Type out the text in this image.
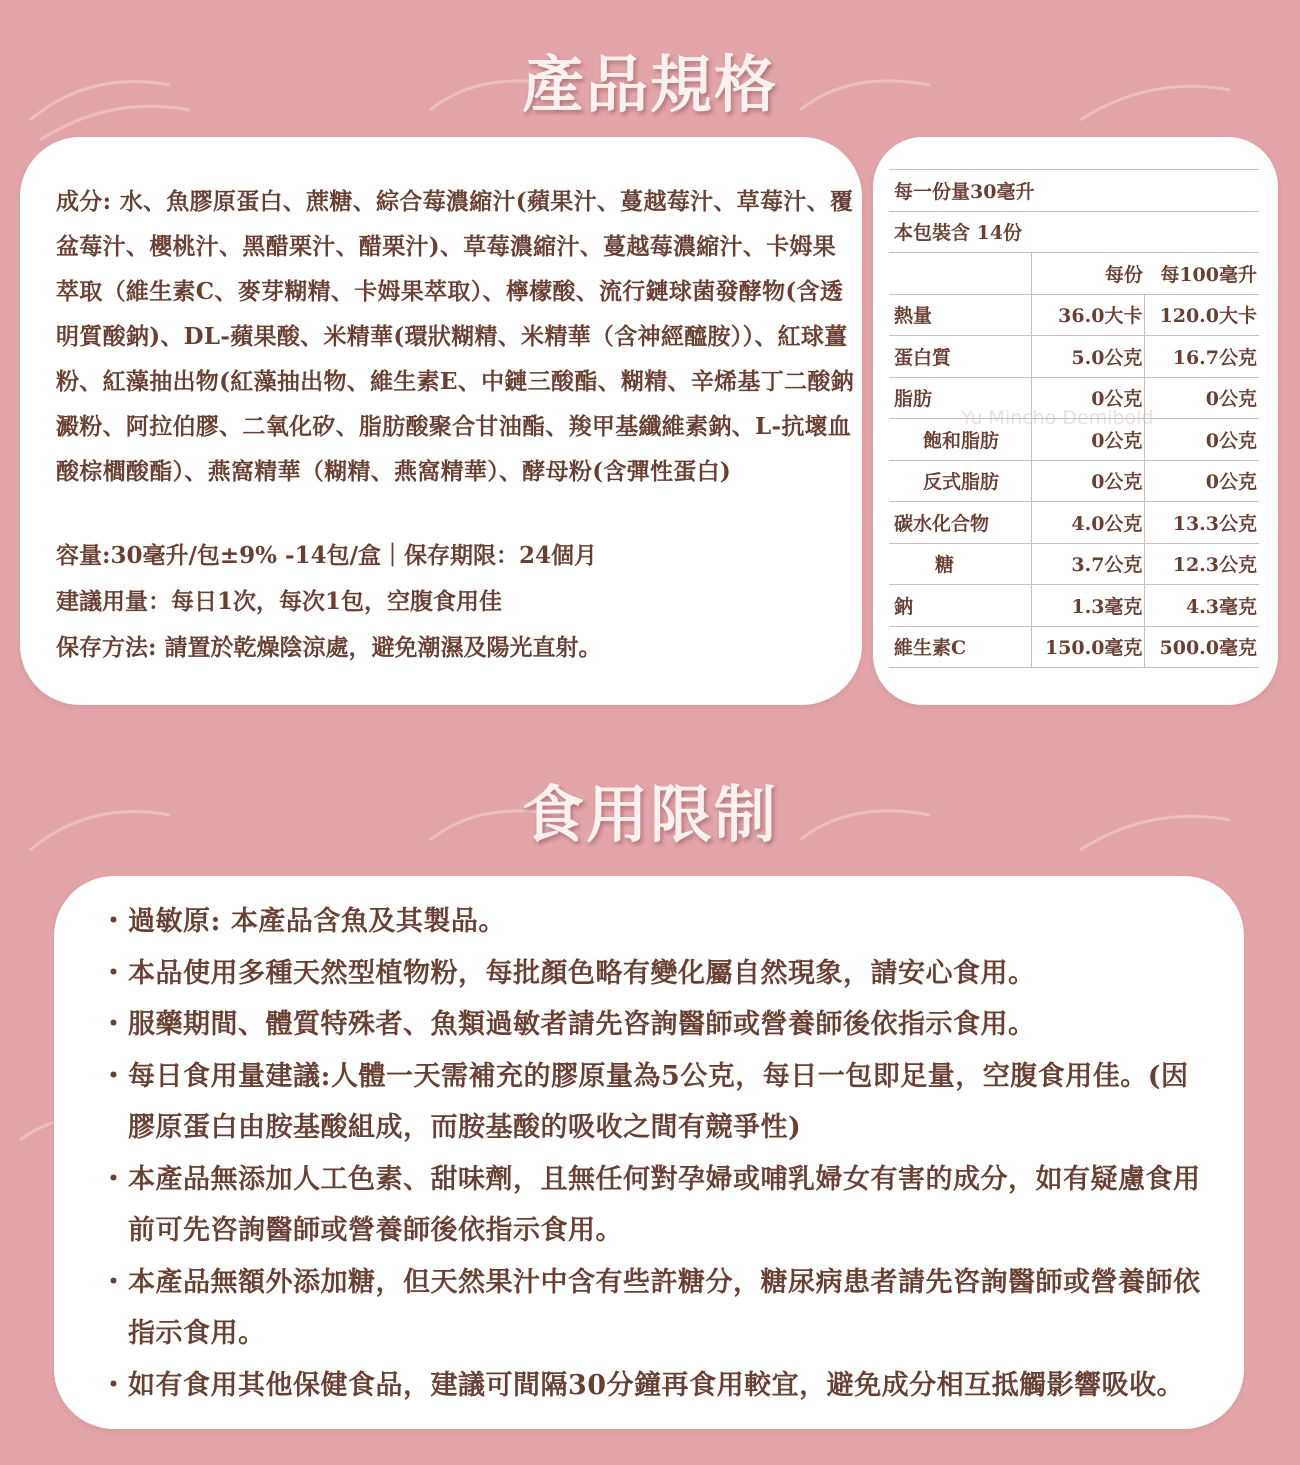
產品規格
成分: 水、魚膠原蛋白、蔗糖、綜合莓濃縮汁(蘋果汁、蔓越莓汁、草莓汁、覆盆莓汁、櫻桃汁、黑醋栗汁、醋栗汁)、草莓濃縮汁、蔓越莓濃縮汁、卡姆果萃取（維生素C、麥芽糊精、卡姆果萃取）、檸檬酸、流行鏈球菌發酵物(含透明質酸鈉)、DL-蘋果酸、米精華(環狀糊精、米精華（含神經醯胺））、紅球薑粉、紅藻抽出物(紅藻抽出物、維生素E、中鏈三酸酯、糊精、辛烯基丁二酸鈉澱粉、阿拉伯膠、二氧化矽、脂肪酸聚合甘油酯、羧甲基纖維素鈉、L-抗壞血酸棕櫚酸酯）、燕窩精華（糊精、燕窩精華）、酵母粉(含彈性蛋白)
容量:30毫升/包±9% -14包/盒｜保存期限：24個月
建議用量：每日1次，每次1包，空腹食用佳
保存方法: 請置於乾燥陰涼處，避免潮濕及陽光直射。
每一份量30毫升		
本包裝含 14份		
	每份	每100毫升
熱量	36.0大卡	120.0大卡
蛋白質	5.0公克	16.7公克
脂肪	0公克	0公克
飽和脂肪	0公克	0公克
反式脂肪	0公克	0公克
碳水化合物	4.0公克	13.3公克
糖	3.7公克	12.3公克
鈉	1.3毫克	4.3毫克
維生素C	150.0毫克	500.0毫克
Yu Mincho Demibold
食用限制
・ 過敏原: 本產品含魚及其製品。
・ 本品使用多種天然型植物粉，每批顏色略有變化屬自然現象，請安心食用。
・ 服藥期間、體質特殊者、魚類過敏者請先咨詢醫師或營養師後依指示食用。
・ 每日食用量建議:人體一天需補充的膠原量為5公克，每日一包即足量，空腹食用佳。(因膠原蛋白由胺基酸組成，而胺基酸的吸收之間有競爭性)
・ 本產品無添加人工色素、甜味劑，且無任何對孕婦或哺乳婦女有害的成分，如有疑慮食用前可先咨詢醫師或營養師後依指示食用。
・ 本產品無額外添加糖，但天然果汁中含有些許糖分，糖尿病患者請先咨詢醫師或營養師依指示食用。
・ 如有食用其他保健食品，建議可間隔30分鐘再食用較宜，避免成分相互抵觸影響吸收。
